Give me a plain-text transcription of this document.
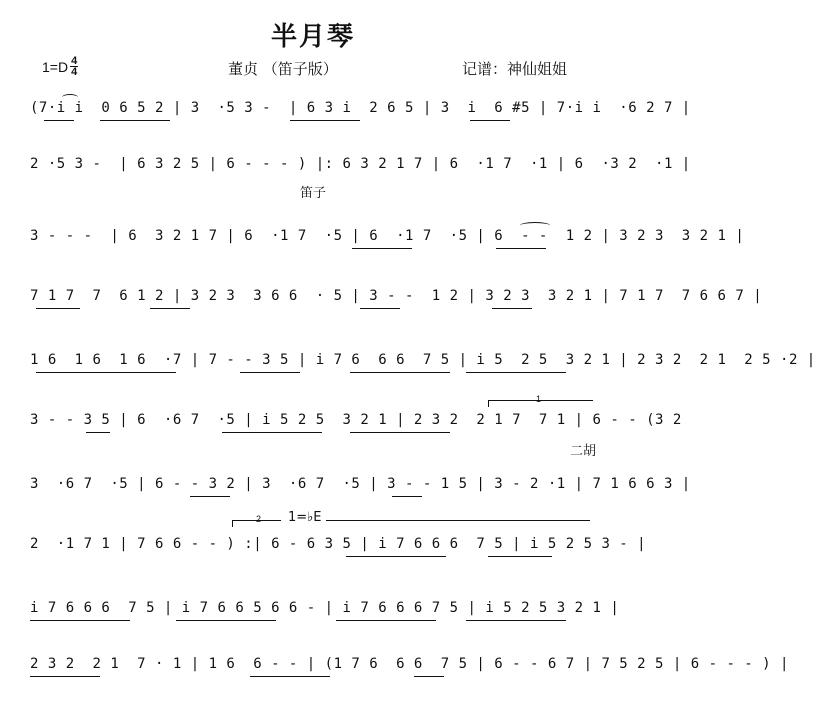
半月琴
$1=D \frac{4}{4}$	董贞 （笛子版）	记谱：神仙姐姐
(7·i i  0 6 5 2 | 3  ·5 3 -  | 6 3 i  2 6 5 | 3  i  6 #5 | 7·i i  ·6 2 7 |
2 ·5 3 -  | 6 3 2 5 | 6 - - - ) |: 6 3 2 1 7 | 6  ·1 7  ·1 | 6  ·3 2  ·1 |
笛子
3 - - -  | 6  3 2 1 7 | 6  ·1 7  ·5 | 6  ·1 7  ·5 | 6  - -  1 2 | 3 2 3  3 2 1 |
7 1 7  7  6 1 2 | 3 2 3  3 6 6  · 5 | 3 - -  1 2 | 3 2 3  3 2 1 | 7 1 7  7 6 6 7 |
1 6  1 6  1 6  ·7 | 7 - - 3 5 | i 7 6  6 6  7 5 | i 5  2 5  3 2 1 | 2 3 2  2 1  2 5 ·2 |
1
3 - - 3 5 | 6  ·6 7  ·5 | i 5 2 5  3 2 1 | 2 3 2  2 1 7  7 1 | 6 - - (3 2
二胡
3  ·6 7  ·5 | 6 - - 3 2 | 3  ·6 7  ·5 | 3 - - 1 5 | 3 - 2 ·1 | 7 1 6 6 3 |
2 1=♭E
2  ·1 7 1 | 7 6 6 - - ) :| 6 - 6 3 5 | i 7 6 6 6  7 5 | i 5 2 5 3 - |
i 7 6 6 6  7 5 | i 7 6 6 5 6 6 - | i 7 6 6 6 7 5 | i 5 2 5 3 2 1 |
2 3 2  2 1  7 · 1 | 1 6  6 - - | (1 7 6  6 6  7 5 | 6 - - 6 7 | 7 5 2 5 | 6 - - - ) |
